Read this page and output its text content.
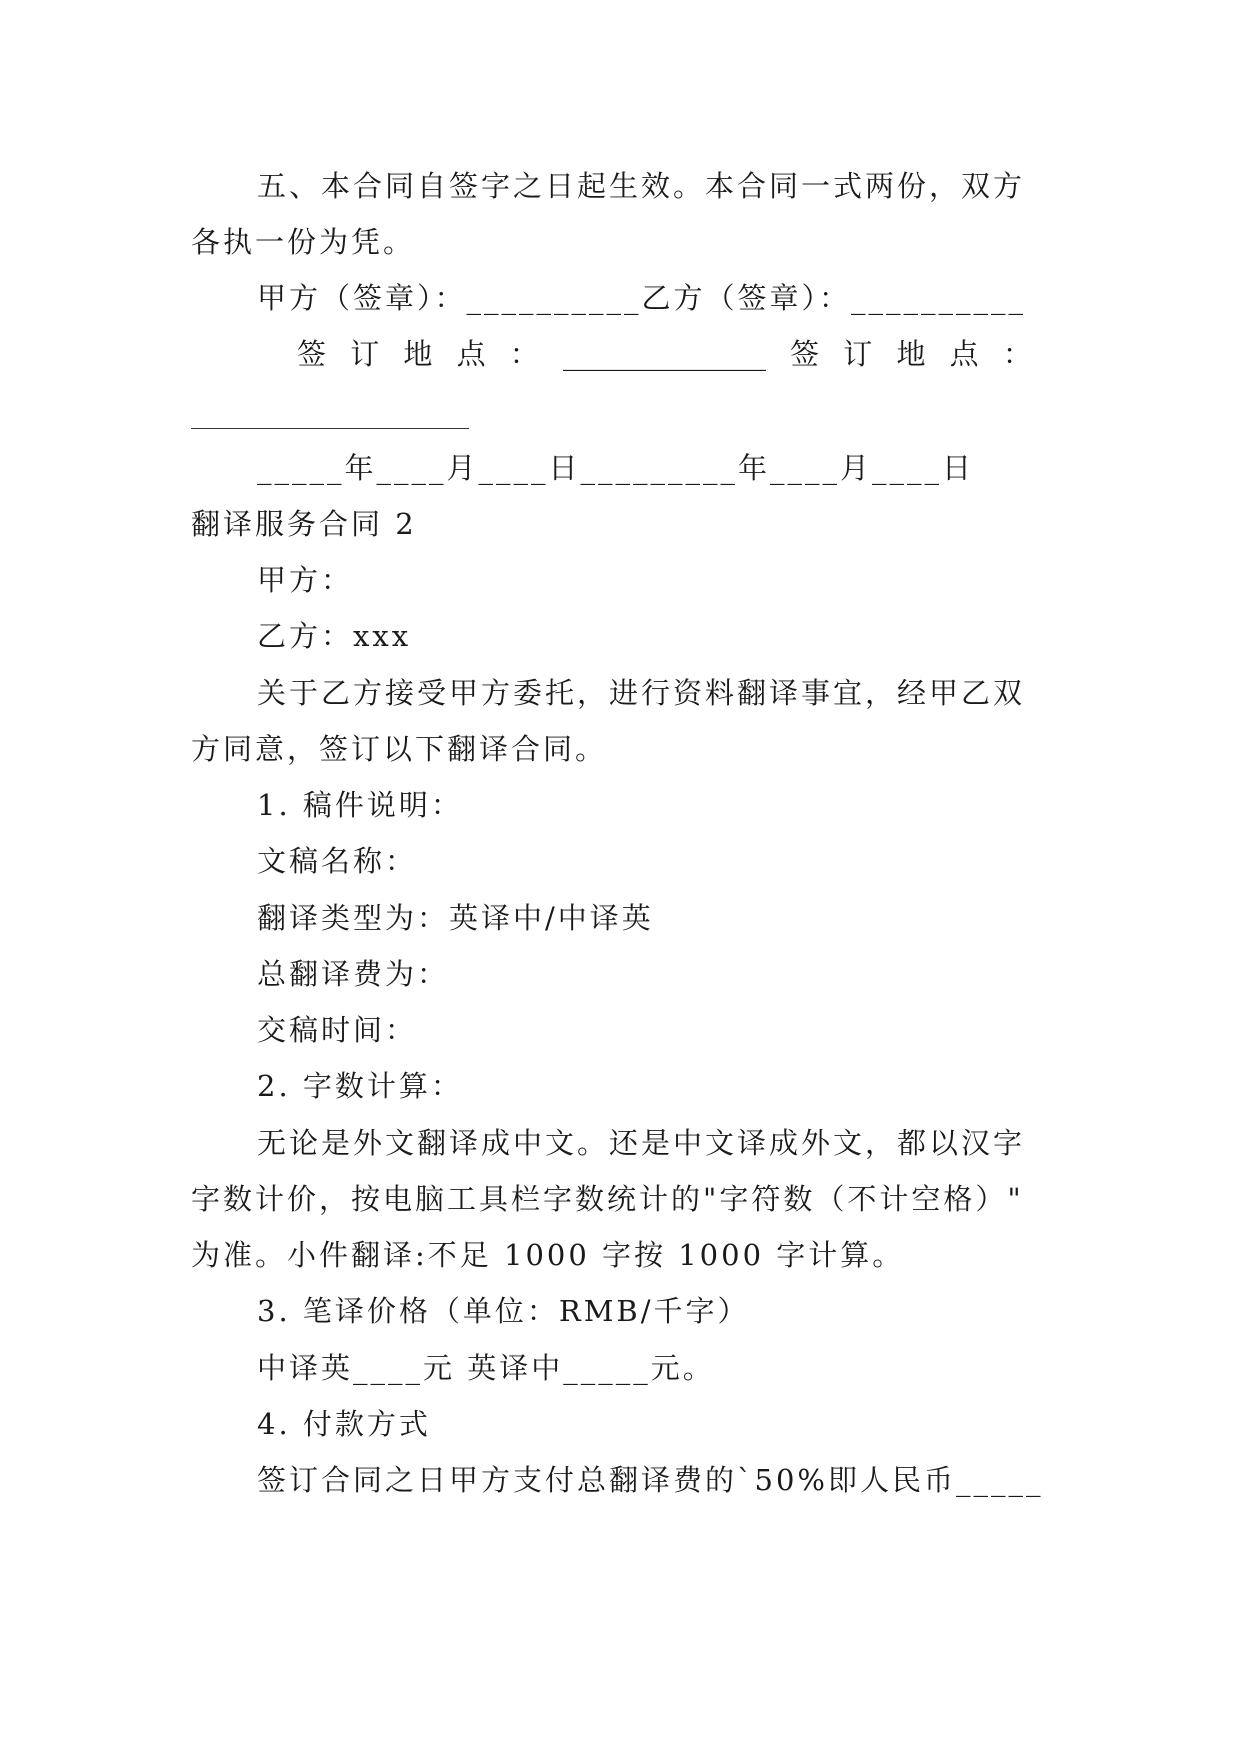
五、本合同自签字之日起生效。本合同一式两份，双方
各执一份为凭。
甲方（签章）：__________乙方（签章）：__________
签 订 地 点 ： ______________ 签 订 地 点 ：
_____年____月____日_________年____月____日
翻译服务合同 2
甲方：
乙方：xxx
关于乙方接受甲方委托，进行资料翻译事宜，经甲乙双
方同意，签订以下翻译合同。
1. 稿件说明：
文稿名称：
翻译类型为：英译中/中译英
总翻译费为：
交稿时间：
2. 字数计算：
无论是外文翻译成中文。还是中文译成外文，都以汉字
字数计价，按电脑工具栏字数统计的"字符数（不计空格）"
为准。小件翻译:不足 1000 字按 1000 字计算。
3. 笔译价格（单位：RMB/千字）
中译英____元 英译中_____元。
4. 付款方式
签订合同之日甲方支付总翻译费的`50%即人民币_____
